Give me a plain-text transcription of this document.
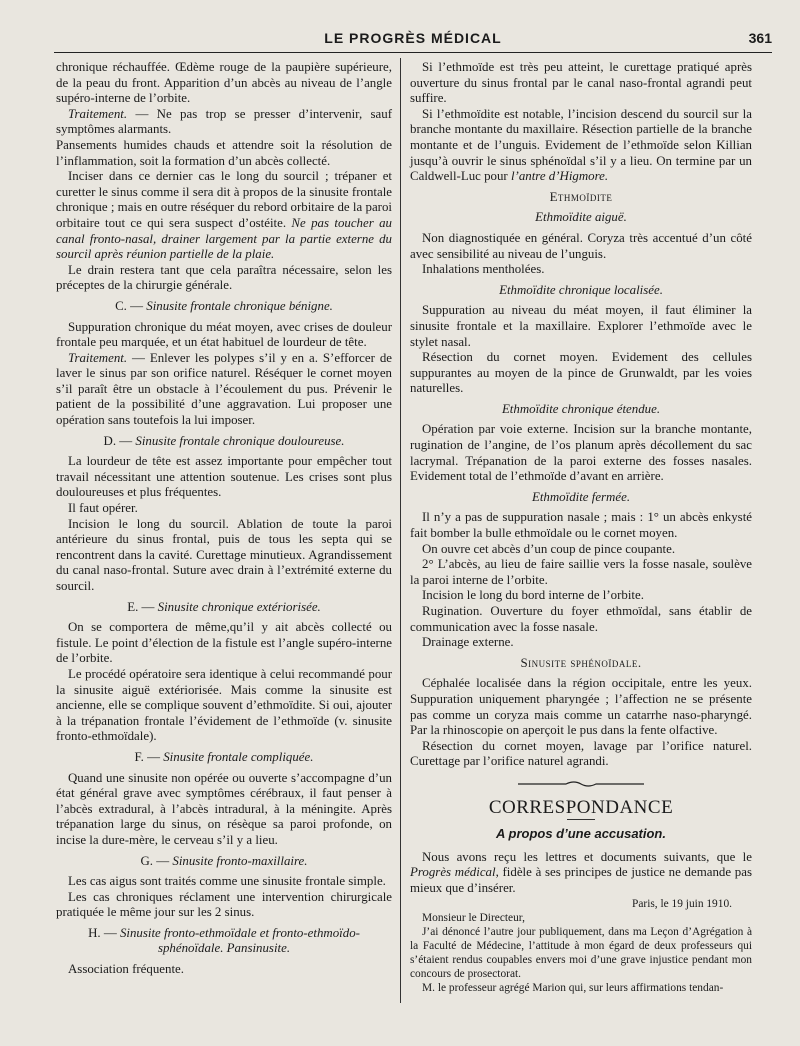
LE PROGRÈS MÉDICAL	361

chronique réchauffée. Œdème rouge de la paupière supérieure, de la peau du front. Apparition d’un abcès au niveau de l’angle supéro-interne de l’orbite.

Traitement. — Ne pas trop se presser d’intervenir, sauf symptômes alarmants.

Pansements humides chauds et attendre soit la résolution de l’inflammation, soit la formation d’un abcès collecté.

Inciser dans ce dernier cas le long du sourcil ; trépaner et curetter le sinus comme il sera dit à propos de la sinusite frontale chronique ; mais en outre réséquer du rebord orbitaire de la paroi orbitaire tout ce qui sera suspect d’ostéite. Ne pas toucher au canal fronto-nasal, drainer largement par la partie externe du sourcil après réunion partielle de la plaie.

Le drain restera tant que cela paraîtra nécessaire, selon les préceptes de la chirurgie générale.

C. — Sinusite frontale chronique bénigne.

Suppuration chronique du méat moyen, avec crises de douleur frontale peu marquée, et un état habituel de lourdeur de tête.

Traitement. — Enlever les polypes s’il y en a. S’efforcer de laver le sinus par son orifice naturel. Réséquer le cornet moyen s’il paraît être un obstacle à l’écoulement du pus. Prévenir le patient de la possibilité d’une aggravation. Lui proposer une opération sans toutefois la lui imposer.

D. — Sinusite frontale chronique douloureuse.

La lourdeur de tête est assez importante pour empêcher tout travail nécessitant une attention soutenue. Les crises sont plus douloureuses et plus fréquentes.

Il faut opérer.

Incision le long du sourcil. Ablation de toute la paroi antérieure du sinus frontal, puis de tous les septa qui se rencontrent dans la cavité. Curettage minutieux. Agrandissement du canal naso-frontal. Suture avec drain à l’extrémité externe du sourcil.

E. — Sinusite chronique extériorisée.

On se comportera de même,qu’il y ait abcès collecté ou fistule. Le point d’élection de la fistule est l’angle supéro-interne de l’orbite.

Le procédé opératoire sera identique à celui recommandé pour la sinusite aiguë extériorisée. Mais comme la sinusite est ancienne, elle se complique souvent d’ethmoïdite. Si oui, ajouter à la trépanation frontale l’évidement de l’ethmoïde (v. sinusite fronto-ethmoïdale).

F. — Sinusite frontale compliquée.

Quand une sinusite non opérée ou ouverte s’accompagne d’un état général grave avec symptômes cérébraux, il faut penser à l’abcès extradural, à l’abcès intradural, à la méningite. Après trépanation large du sinus, on résèque sa paroi profonde, on incise la dure-mère, le cerveau s’il y a lieu.

G. — Sinusite fronto-maxillaire.

Les cas aigus sont traités comme une sinusite frontale simple.

Les cas chroniques réclament une intervention chirurgicale pratiquée le même jour sur les 2 sinus.

H. — Sinusite fronto-ethmoïdale et fronto-ethmoïdo-sphénoïdale. Pansinusite.

Association fréquente.

Si l’ethmoïde est très peu atteint, le curettage pratiqué après ouverture du sinus frontal par le canal naso-frontal agrandi peut suffire.

Si l’ethmoïdite est notable, l’incision descend du sourcil sur la branche montante du maxillaire. Résection partielle de la branche montante et de l’unguis. Evidement de l’ethmoïde selon Killian jusqu’à ouvrir le sinus sphénoïdal s’il y a lieu. On termine par un Caldwell-Luc pour l’antre d’Higmore.

Ethmoïdite
Ethmoïdite aiguë.

Non diagnostiquée en général. Coryza très accentué d’un côté avec sensibilité au niveau de l’unguis.

Inhalations mentholées.

Ethmoïdite chronique localisée.

Suppuration au niveau du méat moyen, il faut éliminer la sinusite frontale et la maxillaire. Explorer l’ethmoïde avec le stylet nasal.

Résection du cornet moyen. Evidement des cellules suppurantes au moyen de la pince de Grunwaldt, par les voies naturelles.

Ethmoïdite chronique étendue.

Opération par voie externe. Incision sur la branche montante, rugination de l’angine, de l’os planum après décollement du sac lacrymal. Trépanation de la paroi externe des fosses nasales. Evidement total de l’ethmoïde d’avant en arrière.

Ethmoïdite fermée.

Il n’y a pas de suppuration nasale ; mais : 1° un abcès enkysté fait bomber la bulle ethmoïdale ou le cornet moyen.

On ouvre cet abcès d’un coup de pince coupante.

2° L’abcès, au lieu de faire saillie vers la fosse nasale, soulève la paroi interne de l’orbite.

Incision le long du bord interne de l’orbite.

Rugination. Ouverture du foyer ethmoïdal, sans établir de communication avec la fosse nasale.

Drainage externe.

Sinusite sphénoïdale.

Céphalée localisée dans la région occipitale, entre les yeux. Suppuration uniquement pharyngée ; l’affection ne se présente pas comme un coryza mais comme un catarrhe naso-pharyngé. Par la rhinoscopie on aperçoit le pus dans la fente olfactive.

Résection du cornet moyen, lavage par l’orifice naturel. Curettage par l’orifice naturel agrandi.

CORRESPONDANCE
A propos d’une accusation.

Nous avons reçu les lettres et documents suivants, que le Progrès médical, fidèle à ses principes de justice ne demande pas mieux que d’insérer.

Paris, le 19 juin 1910.

Monsieur le Directeur,

J’ai dénoncé l’autre jour publiquement, dans ma Leçon d’Agrégation à la Faculté de Médecine, l’attitude à mon égard de deux professeurs qui s’étaient rendus coupables envers moi d’une grave injustice pendant mon concours de prosectorat.

M. le professeur agrégé Marion qui, sur leurs affirmations tendan-
